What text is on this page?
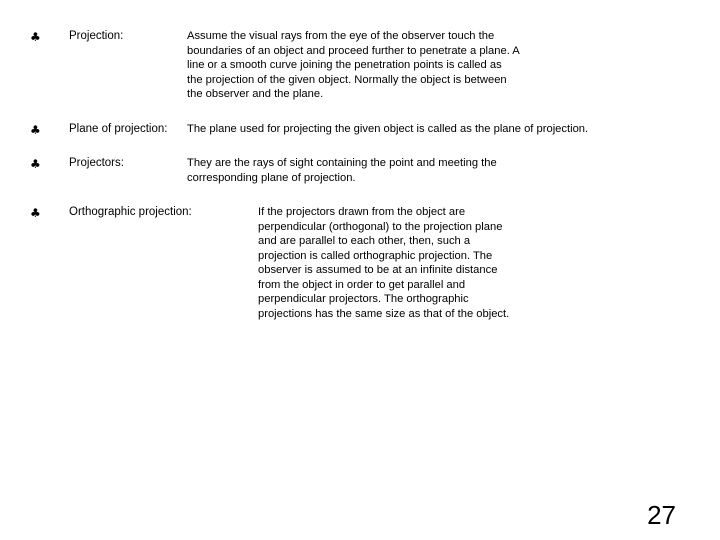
♣ Projection:	Assume the visual rays from the eye of the observer touch the
boundaries of an object and proceed further to penetrate a plane. A
line or a smooth curve joining the penetration points is called as
the projection of the given object. Normally the object is between
the observer and the plane.
♣ Plane of projection: The plane used for projecting the given object is called as the plane of projection.
♣ Projectors:	They are the rays of sight containing the point and meeting the
corresponding plane of projection.
♣ Orthographic projection:	If the projectors drawn from the object are
perpendicular (orthogonal) to the projection plane
and are parallel to each other, then, such a
projection is called orthographic projection. The
observer is assumed to be at an infinite distance
from the object in order to get parallel and
perpendicular projectors. The orthographic
projections has the same size as that of the object.
27
